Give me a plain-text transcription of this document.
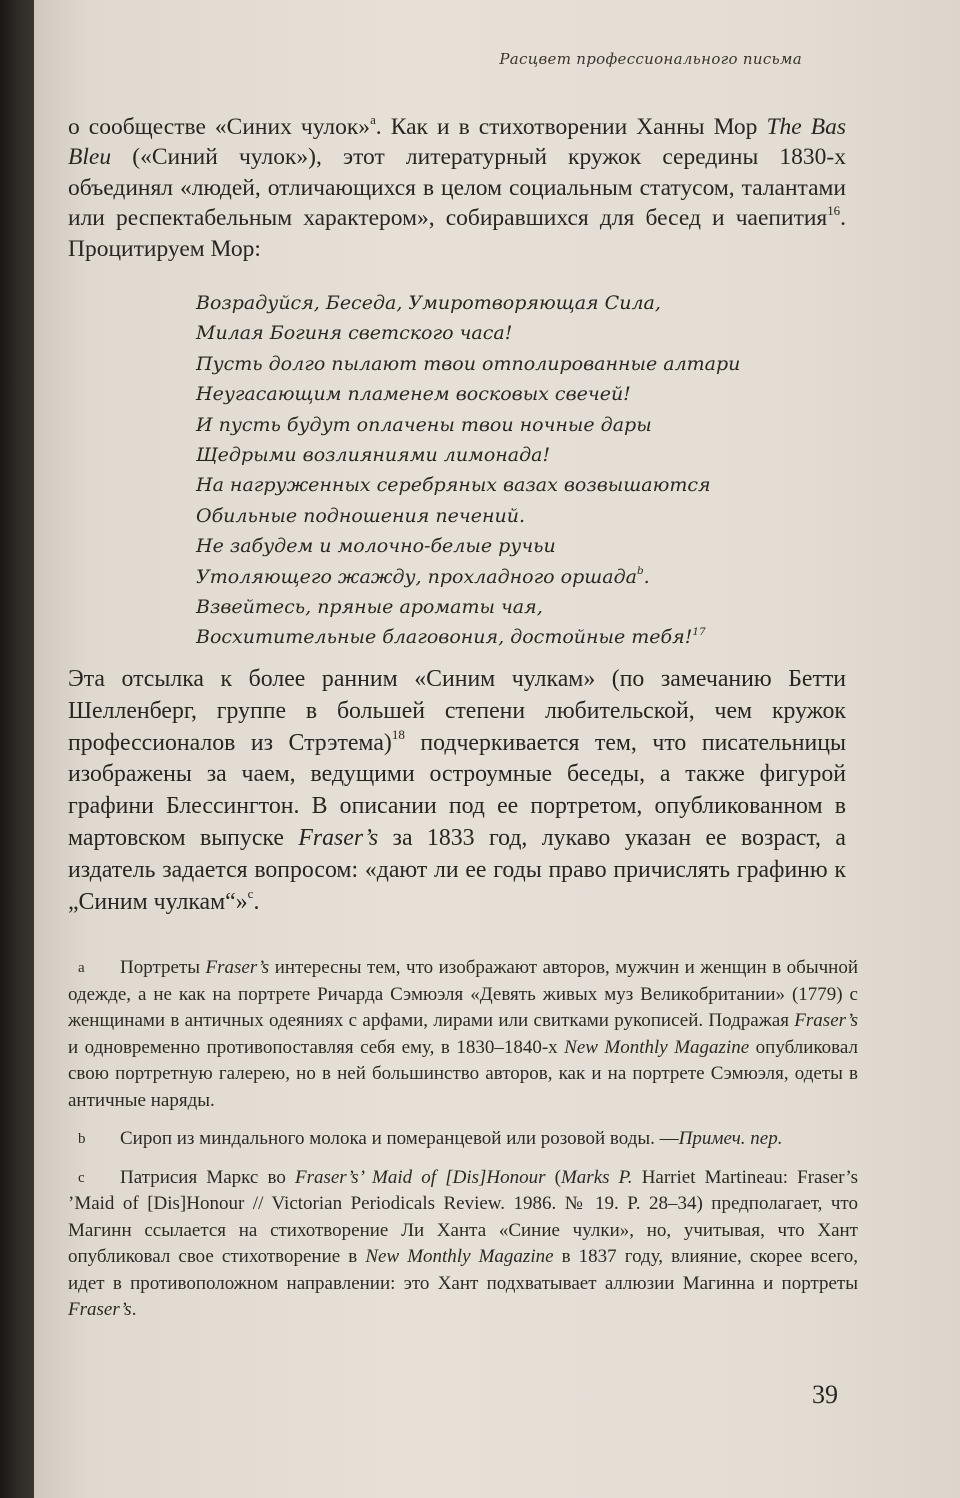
Расцвет профессионального письма

о сообществе «Синих чулок»$^a$. Как и в стихотворении Ханны Мор The Bas Bleu («Синий чулок»), этот литературный кружок середины 1830-х объединял «людей, отличающихся в целом социальным статусом, талантами или респектабельным характером», собиравшихся для бесед и чаепития$^{16}$. Процитируем Мор:

Возрадуйся, Беседа, Умиротворяющая Сила,
Милая Богиня светского часа!
Пусть долго пылают твои отполированные алтари
Неугасающим пламенем восковых свечей!
И пусть будут оплачены твои ночные дары
Щедрыми возлияниями лимонада!
На нагруженных серебряных вазах возвышаются
Обильные подношения печений.
Не забудем и молочно-белые ручьи
Утоляющего жажду, прохладного оршада$^b$.
Взвейтесь, пряные ароматы чая,
Восхитительные благовония, достойные тебя!$^{17}$

Эта отсылка к более ранним «Синим чулкам» (по замечанию Бетти Шелленберг, группе в большей степени любительской, чем кружок профессионалов из Стрэтема)$^{18}$ подчеркивается тем, что писательницы изображены за чаем, ведущими остроумные беседы, а также фигурой графини Блессингтон. В описании под ее портретом, опубликованном в мартовском выпуске Fraser’s за 1833 год, лукаво указан ее возраст, а издатель задается вопросом: «дают ли ее годы право причислять графиню к „Синим чулкам“»$^c$.

a Портреты Fraser’s интересны тем, что изображают авторов, мужчин и женщин в обычной одежде, а не как на портрете Ричарда Сэмюэля «Девять живых муз Великобритании» (1779) с женщинами в античных одеяниях с арфами, лирами или свитками рукописей. Подражая Fraser’s и одновременно противопоставляя себя ему, в 1830–1840-х New Monthly Magazine опубликовал свою портретную галерею, но в ней большинство авторов, как и на портрете Сэмюэля, одеты в античные наряды.

b Сироп из миндального молока и померанцевой или розовой воды. —Примеч. пер.

c Патрисия Маркс во Fraser’s’ Maid of [Dis]Honour (Marks P. Harriet Martineau: Fraser’s ’Maid of [Dis]Honour // Victorian Periodicals Review. 1986. № 19. P. 28–34) предполагает, что Магинн ссылается на стихотворение Ли Ханта «Синие чулки», но, учитывая, что Хант опубликовал свое стихотворение в New Monthly Magazine в 1837 году, влияние, скорее всего, идет в противоположном направлении: это Хант подхватывает аллюзии Магинна и портреты Fraser’s.

39
